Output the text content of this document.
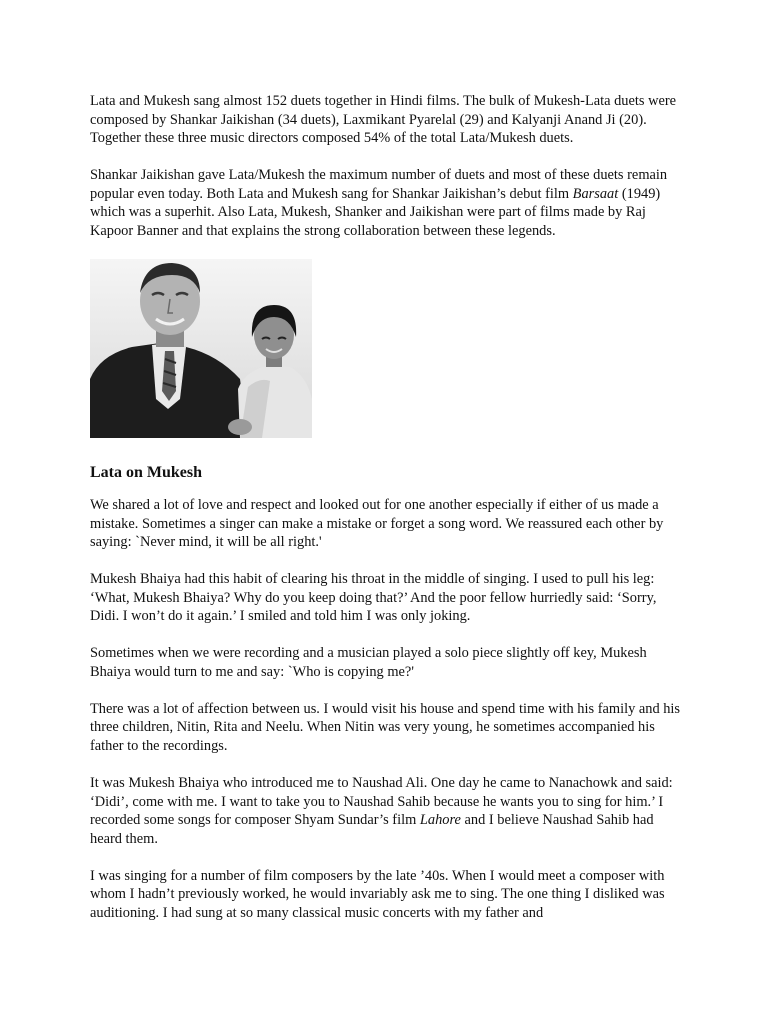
Lata and Mukesh sang almost 152 duets together in Hindi films. The bulk of Mukesh-Lata duets were composed by Shankar Jaikishan (34 duets), Laxmikant Pyarelal (29) and Kalyanji Anand Ji (20). Together these three music directors composed 54% of the total Lata/Mukesh duets.

Shankar Jaikishan gave Lata/Mukesh the maximum number of duets and most of these duets remain popular even today. Both Lata and Mukesh sang for Shankar Jaikishan’s debut film Barsaat (1949) which was a superhit. Also Lata, Mukesh, Shanker and Jaikishan were part of films made by Raj Kapoor Banner and that explains the strong collaboration between these legends.

Lata on Mukesh

We shared a lot of love and respect and looked out for one another especially if either of us made a mistake. Sometimes a singer can make a mistake or forget a song word. We reassured each other by saying: `Never mind, it will be all right.'

Mukesh Bhaiya had this habit of clearing his throat in the middle of singing. I used to pull his leg: ‘What, Mukesh Bhaiya? Why do you keep doing that?’ And the poor fellow hurriedly said: ‘Sorry, Didi. I won’t do it again.’ I smiled and told him I was only joking.

Sometimes when we were recording and a musician played a solo piece slightly off key, Mukesh Bhaiya would turn to me and say: `Who is copying me?'

There was a lot of affection between us. I would visit his house and spend time with his family and his three children, Nitin, Rita and Neelu. When Nitin was very young, he sometimes accompanied his father to the recordings.

It was Mukesh Bhaiya who introduced me to Naushad Ali. One day he came to Nanachowk and said: ‘Didi’, come with me. I want to take you to Naushad Sahib because he wants you to sing for him.’ I recorded some songs for composer Shyam Sundar’s film Lahore and I believe Naushad Sahib had heard them.

I was singing for a number of film composers by the late ’40s. When I would meet a composer with whom I hadn’t previously worked, he would invariably ask me to sing. The one thing I disliked was auditioning. I had sung at so many classical music concerts with my father and
